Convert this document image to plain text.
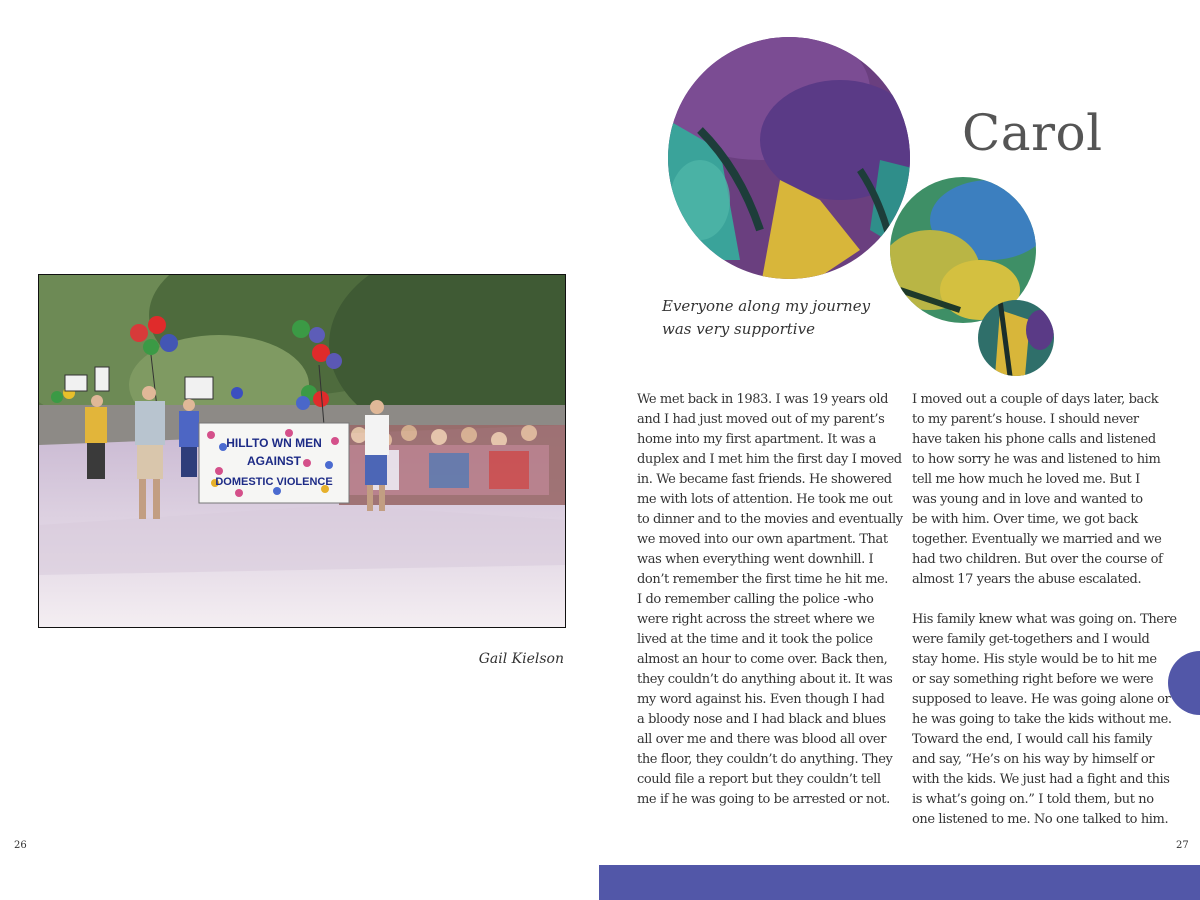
HILLTO WN MEN
AGAINST
DOMESTIC VIOLENCE
Gail Kielson
26
Carol
Everyone along my journey
was very supportive
We met back in 1983. I was 19 years old
and I had just moved out of my parent’s
home into my first apartment. It was a
duplex and I met him the first day I moved
in. We became fast friends. He showered
me with lots of attention. He took me out
to dinner and to the movies and eventually
we moved into our own apartment. That
was when everything went downhill. I
don’t remember the first time he hit me.
I do remember calling the police -who
were right across the street where we
lived at the time and it took the police
almost an hour to come over. Back then,
they couldn’t do anything about it. It was
my word against his. Even though I had
a bloody nose and I had black and blues
all over me and there was blood all over
the floor, they couldn’t do anything. They
could file a report but they couldn’t tell
me if he was going to be arrested or not.
I moved out a couple of days later, back
to my parent’s house. I should never
have taken his phone calls and listened
to how sorry he was and listened to him
tell me how much he loved me. But I
was young and in love and wanted to
be with him. Over time, we got back
together. Eventually we married and we
had two children. But over the course of
almost 17 years the abuse escalated.
His family knew what was going on. There
were family get-togethers and I would
stay home. His style would be to hit me
or say something right before we were
supposed to leave. He was going alone or
he was going to take the kids without me.
Toward the end, I would call his family
and say, “He’s on his way by himself or
with the kids. We just had a fight and this
is what’s going on.” I told them, but no
one listened to me. No one talked to him.
27
